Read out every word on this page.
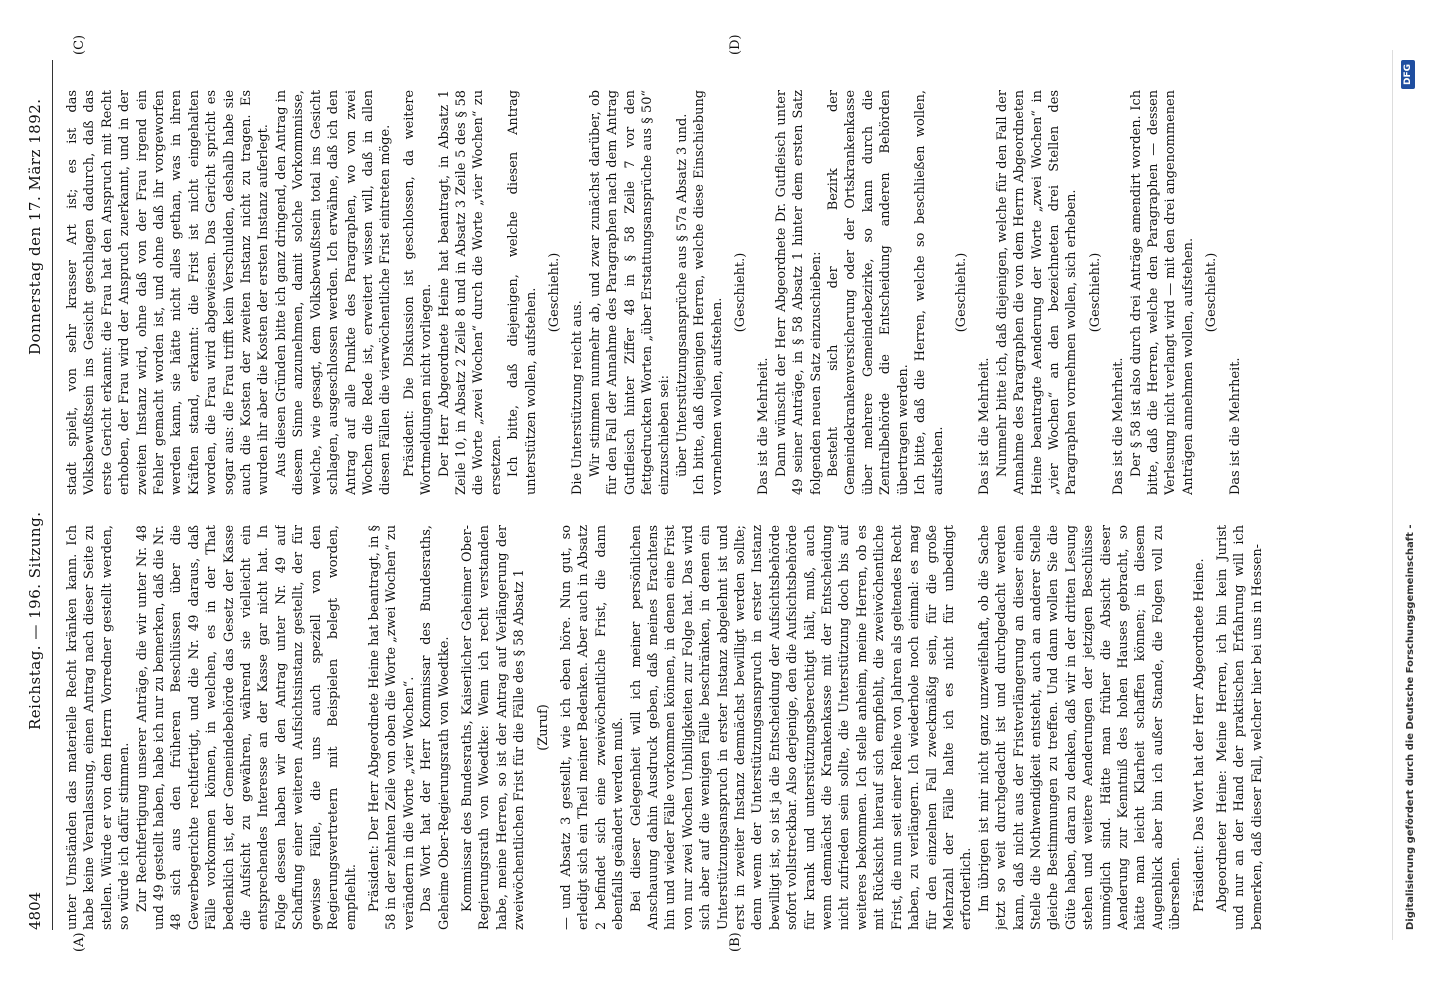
4804
Reichstag. — 196. Sitzung.
Donnerstag den 17. März 1892.
(A)	(B)
(C)	(D)

unter Umständen das materielle Recht kränken kann. Ich habe keine Veranlassung, einen Antrag nach dieser Seite zu stellen. Würde er von dem Herrn Vorredner gestellt werden, so würde ich dafür stimmen. Zur Rechtfertigung unserer Anträge, die wir unter Nr. 48 und 49 gestellt haben, habe ich nur zu bemerken, daß die Nr. 48 sich aus den früheren Beschlüssen über die Gewerbegerichte rechtfertigt, und die Nr. 49 daraus, daß Fälle vorkommen können, in welchen, es in der That bedenklich ist, der Gemeindebehörde das Gesetz der Kasse die Aufsicht zu gewähren, während sie vielleicht ein entsprechendes Interesse an der Kasse gar nicht hat. In Folge dessen haben wir den Antrag unter Nr. 49 auf Schaffung einer weiteren Aufsichtsinstanz gestellt, der für gewisse Fälle, die uns auch speziell von den Regierungsvertretern mit Beispielen belegt worden, empfiehlt. Präsident: Der Herr Abgeordnete Heine hat beantragt, in § 58 in der zehnten Zeile von oben die Worte „zwei Wochen“ zu verändern in die Worte „vier Wochen“. Das Wort hat der Herr Kommissar des Bundesraths, Geheime Ober-Regierungsrath von Woedtke. Kommissar des Bundesraths, Kaiserlicher Geheimer Ober-Regierungsrath von Woedtke: Wenn ich recht verstanden habe, meine Herren, so ist der Antrag auf Verlängerung der zweiwöchentlichen Frist für die Fälle des § 58 Absatz 1 (Zuruf) — und Absatz 3 gestellt, wie ich eben höre. Nun gut, so erledigt sich ein Theil meiner Bedenken. Aber auch in Absatz 2 befindet sich eine zweiwöchentliche Frist, die dann ebenfalls geändert werden muß. Bei dieser Gelegenheit will ich meiner persönlichen Anschauung dahin Ausdruck geben, daß meines Erachtens hin und wieder Fälle vorkommen können, in denen eine Frist von nur zwei Wochen Unbilligkeiten zur Folge hat. Das wird sich aber auf die wenigen Fälle beschränken, in denen ein Unterstützungsanspruch in erster Instanz abgelehnt ist und erst in zweiter Instanz demnächst bewilligt werden sollte; denn wenn der Unterstützungsanspruch in erster Instanz bewilligt ist, so ist ja die Entscheidung der Aufsichtsbehörde sofort vollstreckbar. Also derjenige, den die Aufsichtsbehörde für krank und unterstützungsberechtigt hält, muß, auch wenn demnächst die Krankenkasse mit der Entscheidung nicht zufrieden sein sollte, die Unterstützung doch bis auf weiteres bekommen. Ich stelle anheim, meine Herren, ob es mit Rücksicht hierauf sich empfiehlt, die zweiwöchentliche Frist, die nun seit einer Reihe von Jahren als geltendes Recht haben, zu verlängern. Ich wiederhole noch einmal: es mag für den einzelnen Fall zweckmäßig sein, für die große Mehrzahl der Fälle halte ich es nicht für unbedingt erforderlich. Im übrigen ist mir nicht ganz unzweifelhaft, ob die Sache jetzt so weit durchgedacht ist und durchgedacht werden kann, daß nicht aus der Fristverlängerung an dieser einen Stelle die Nothwendigkeit entsteht, auch an anderer Stelle gleiche Bestimmungen zu treffen. Und dann wollen Sie die Güte haben, daran zu denken, daß wir in der dritten Lesung stehen und weitere Aenderungen der jetzigen Beschlüsse unmöglich sind. Hätte man früher die Absicht dieser Aenderung zur Kenntniß des hohen Hauses gebracht, so hätte man leicht Klarheit schaffen können; in diesem Augenblick aber bin ich außer Stande, die Folgen voll zu übersehen. Präsident: Das Wort hat der Herr Abgeordnete Heine. Abgeordneter Heine: Meine Herren, ich bin kein Jurist und nur an der Hand der praktischen Erfahrung will ich bemerken, daß dieser Fall, welcher hier bei uns in Hessen-

stadt spielt, von sehr krasser Art ist; es ist das Volksbewußtsein ins Gesicht geschlagen dadurch, daß das erste Gericht erkannt: die Frau hat den Anspruch mit Recht erhoben, der Frau wird der Anspruch zuerkannt, und in der zweiten Instanz wird, ohne daß von der Frau irgend ein Fehler gemacht worden ist, und ohne daß ihr vorgeworfen werden kann, sie hätte nicht alles gethan, was in ihren Kräften stand, erkannt: die Frist ist nicht eingehalten worden, die Frau wird abgewiesen. Das Gericht spricht es sogar aus: die Frau trifft kein Verschulden, deshalb habe sie auch die Kosten der zweiten Instanz nicht zu tragen. Es wurden ihr aber die Kosten der ersten Instanz auferlegt. Aus diesen Gründen bitte ich ganz dringend, den Antrag in diesem Sinne anzunehmen, damit solche Vorkommnisse, welche, wie gesagt, dem Volksbewußtsein total ins Gesicht schlagen, ausgeschlossen werden. Ich erwähne, daß ich den Antrag auf alle Punkte des Paragraphen, wo von zwei Wochen die Rede ist, erweitert wissen will, daß in allen diesen Fällen die vierwöchentliche Frist eintreten möge. Präsident: Die Diskussion ist geschlossen, da weitere Wortmeldungen nicht vorliegen. Der Herr Abgeordnete Heine hat beantragt, in Absatz 1 Zeile 10, in Absatz 2 Zeile 8 und in Absatz 3 Zeile 5 des § 58 die Worte „zwei Wochen“ durch die Worte „vier Wochen“ zu ersetzen. Ich bitte, daß diejenigen, welche diesen Antrag unterstützen wollen, aufstehen. (Geschieht.)

Die Unterstützung reicht aus. Wir stimmen nunmehr ab, und zwar zunächst darüber, ob für den Fall der Annahme des Paragraphen nach dem Antrag Gutfleisch hinter Ziffer 48 in § 58 Zeile 7 vor den fettgedruckten Worten „über Erstattungsansprüche aus § 50“ einzuschieben sei: über Unterstützungsansprüche aus § 57a Absatz 3 und. Ich bitte, daß diejenigen Herren, welche diese Einschiebung vornehmen wollen, aufstehen.

(Geschieht.)

Das ist die Mehrheit. Dann wünscht der Herr Abgeordnete Dr. Gutfleisch unter 49 seiner Anträge, in § 58 Absatz 1 hinter dem ersten Satz folgenden neuen Satz einzuschieben: Besteht sich der Bezirk der Gemeindekrankenversicherung oder der Ortskrankenkasse über mehrere Gemeindebezirke, so kann durch die Zentralbehörde die Entscheidung anderen Behörden übertragen werden. Ich bitte, daß die Herren, welche so beschließen wollen, aufstehen.

(Geschieht.)

Das ist die Mehrheit. Nunmehr bitte ich, daß diejenigen, welche für den Fall der Annahme des Paragraphen die von dem Herrn Abgeordneten Heine beantragte Aenderung der Worte „zwei Wochen“ in „vier Wochen“ an den bezeichneten drei Stellen des Paragraphen vornehmen wollen, sich erheben. (Geschieht.)

Das ist die Mehrheit. Der § 58 ist also durch drei Anträge amendirt worden. Ich bitte, daß die Herren, welche den Paragraphen — dessen Verlesung nicht verlangt wird — mit den drei angenommenen Anträgen annehmen wollen, aufstehen. (Geschieht.)

Das ist die Mehrheit.

Digitalisierung gefördert durch die Deutsche Forschungsgemeinschaft -
DFG
